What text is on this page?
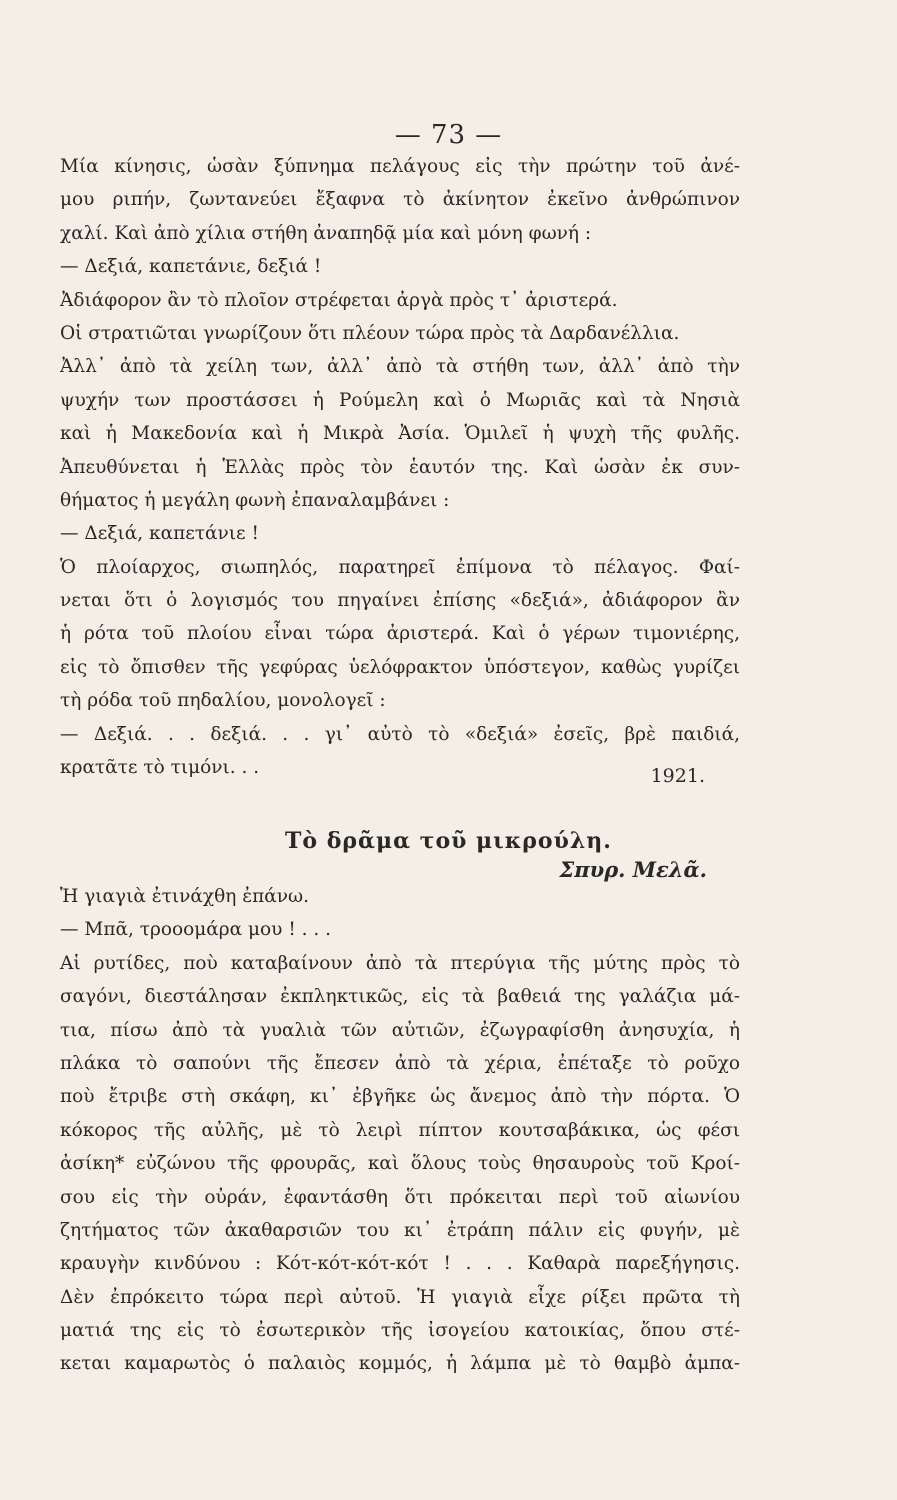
— 73 —
Μία κίνησις, ὡσὰν ξύπνημα πελάγους εἰς τὴν πρώτην τοῦ ἀνέ-
μου ριπήν, ζωντανεύει ἔξαφνα τὸ ἀκίνητον ἐκεῖνο ἀνθρώπινον
χαλί. Καὶ ἀπὸ χίλια στήθη ἀναπηδᾷ μία καὶ μόνη φωνή :
— Δεξιά, καπετάνιε, δεξιά !
Ἀδιάφορον ἂν τὸ πλοῖον στρέφεται ἀργὰ πρὸς τ᾿ ἀριστερά.
Οἱ στρατιῶται γνωρίζουν ὅτι πλέουν τώρα πρὸς τὰ Δαρδανέλλια.
Ἀλλ᾿ ἀπὸ τὰ χείλη των, ἀλλ᾿ ἀπὸ τὰ στήθη των, ἀλλ᾿ ἀπὸ τὴν
ψυχήν των προστάσσει ἡ Ρούμελη καὶ ὁ Μωριᾶς καὶ τὰ Νησιὰ
καὶ ἡ Μακεδονία καὶ ἡ Μικρὰ Ἀσία. Ὁμιλεῖ ἡ ψυχὴ τῆς φυλῆς.
Ἀπευθύνεται ἡ Ἑλλὰς πρὸς τὸν ἑαυτόν της. Καὶ ὡσὰν ἐκ συν-
θήματος ἡ μεγάλη φωνὴ ἐπαναλαμβάνει :
— Δεξιά, καπετάνιε !
Ὁ πλοίαρχος, σιωπηλός, παρατηρεῖ ἐπίμονα τὸ πέλαγος. Φαί-
νεται ὅτι ὁ λογισμός του πηγαίνει ἐπίσης «δεξιά», ἀδιάφορον ἂν
ἡ ρότα τοῦ πλοίου εἶναι τώρα ἀριστερά. Καὶ ὁ γέρων τιμονιέρης,
εἰς τὸ ὄπισθεν τῆς γεφύρας ὑελόφρακτον ὑπόστεγον, καθὼς γυρίζει
τὴ ρόδα τοῦ πηδαλίου, μονολογεῖ :
— Δεξιά. . . δεξιά. . . γι᾿ αὐτὸ τὸ «δεξιά» ἐσεῖς, βρὲ παιδιά,
κρατᾶτε τὸ τιμόνι. . .	1921.
Τὸ δρᾶμα τοῦ μικρούλη.
Σπυρ. Μελᾶ.
Ἡ γιαγιὰ ἐτινάχθη ἐπάνω.
— Μπᾶ, τροοομάρα μου ! . . .
Αἱ ρυτίδες, ποὺ καταβαίνουν ἀπὸ τὰ πτερύγια τῆς μύτης πρὸς τὸ
σαγόνι, διεστάλησαν ἐκπληκτικῶς, εἰς τὰ βαθειά της γαλάζια μά-
τια, πίσω ἀπὸ τὰ γυαλιὰ τῶν αὐτιῶν, ἐζωγραφίσθη ἀνησυχία, ἡ
πλάκα τὸ σαπούνι τῆς ἔπεσεν ἀπὸ τὰ χέρια, ἐπέταξε τὸ ροῦχο
ποὺ ἔτριβε στὴ σκάφη, κι᾿ ἐβγῆκε ὡς ἄνεμος ἀπὸ τὴν πόρτα. Ὁ
κόκορος τῆς αὐλῆς, μὲ τὸ λειρὶ πίπτον κουτσαβάκικα, ὡς φέσι
ἀσίκη* εὐζώνου τῆς φρουρᾶς, καὶ ὅλους τοὺς θησαυροὺς τοῦ Κροί-
σου εἰς τὴν οὐράν, ἐφαντάσθη ὅτι πρόκειται περὶ τοῦ αἰωνίου
ζητήματος τῶν ἀκαθαρσιῶν του κι᾿ ἐτράπη πάλιν εἰς φυγήν, μὲ
κραυγὴν κινδύνου : Κότ-κότ-κότ-κότ ! . . . Καθαρὰ παρεξήγησις.
Δὲν ἐπρόκειτο τώρα περὶ αὐτοῦ. Ἡ γιαγιὰ εἶχε ρίξει πρῶτα τὴ
ματιά της εἰς τὸ ἐσωτερικὸν τῆς ἰσογείου κατοικίας, ὅπου στέ-
κεται καμαρωτὸς ὁ παλαιὸς κομμός, ἡ λάμπα μὲ τὸ θαμβὸ ἀμπα-
